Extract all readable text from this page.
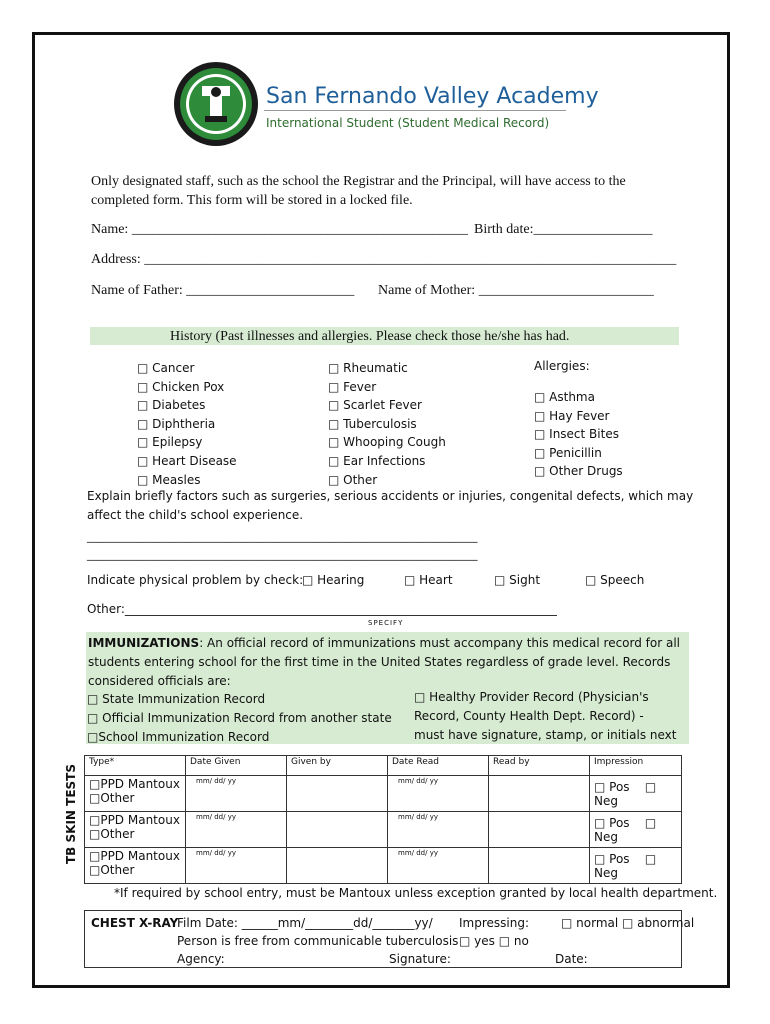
San Fernando Valley Academy
International Student (Student Medical Record)
Only designated staff, such as the school the Registrar and the Principal, will have access to the
completed form. This form will be stored in a locked file.
Name: ________________________________________________ Birth date:_________________
Address: ____________________________________________________________________________
Name of Father: ________________________ Name of Mother: _________________________
History (Past illnesses and allergies. Please check those he/she has had.
□ Cancer
□ Chicken Pox
□ Diabetes
□ Diphtheria
□ Epilepsy
□ Heart Disease
□ Measles
□ Rheumatic
□ Fever
□ Scarlet Fever
□ Tuberculosis
□ Whooping Cough
□ Ear Infections
□ Other
Allergies:
□ Asthma
□ Hay Fever
□ Insect Bites
□ Penicillin
□ Other Drugs
Explain briefly factors such as surgeries, serious accidents or injuries, congenital defects, which may
affect the child's school experience.
_______________________________________________________________________
_______________________________________________________________________
Indicate physical problem by check:
□ Hearing	□ Heart	□ Sight	□ Speech
Other:________________________________________________________________________
SPECIFY
IMMUNIZATIONS: An official record of immunizations must accompany this medical record for all
students entering school for the first time in the United States regardless of grade level. Records
considered officials are:
□ State Immunization Record
□ Official Immunization Record from another state
□School Immunization Record
□ Healthy Provider Record (Physician's
Record, County Health Dept. Record) -
must have signature, stamp, or initials next
TB SKIN TESTS
Type*	Date Given	Given by	Date Read	Read by	Impression

□PPD Mantoux
□Other	mm/ dd/ yy		mm/ dd/ yy		□ Pos □ Neg

□PPD Mantoux
□Other	mm/ dd/ yy		mm/ dd/ yy		□ Pos □ Neg

□PPD Mantoux
□Other	mm/ dd/ yy		mm/ dd/ yy		□ Pos □ Neg
*If required by school entry, must be Mantoux unless exception granted by local health department.
CHEST X-RAY
Film Date: ______mm/________dd/_______yy/ Impressing:	□ normal □ abnormal
Person is free from communicable tuberculosis □ yes □ no
Agency:	Signature:	Date:
